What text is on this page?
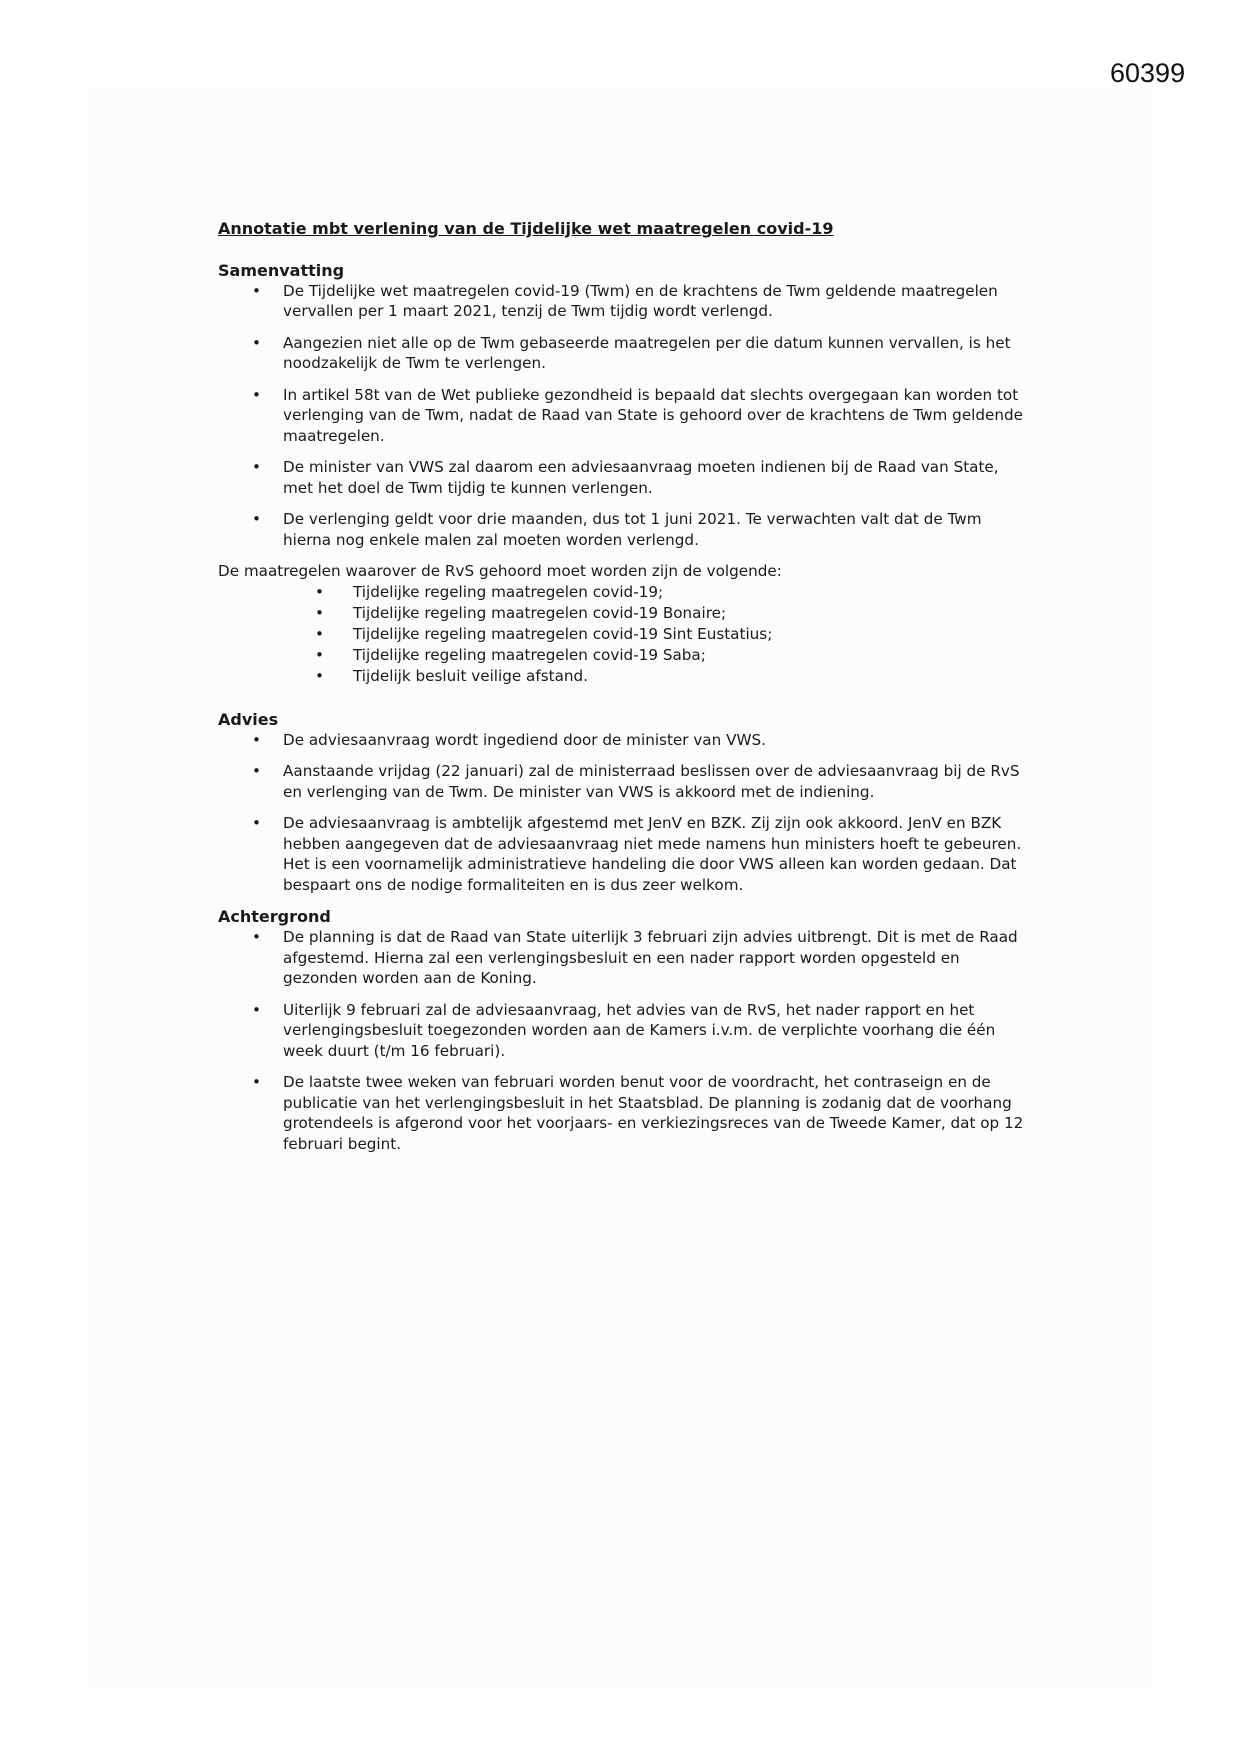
60399

Annotatie mbt verlening van de Tijdelijke wet maatregelen covid-19

Samenvatting

• De Tijdelijke wet maatregelen covid-19 (Twm) en de krachtens de Twm geldende maatregelen vervallen per 1 maart 2021, tenzij de Twm tijdig wordt verlengd.
• Aangezien niet alle op de Twm gebaseerde maatregelen per die datum kunnen vervallen, is het noodzakelijk de Twm te verlengen.
• In artikel 58t van de Wet publieke gezondheid is bepaald dat slechts overgegaan kan worden tot verlenging van de Twm, nadat de Raad van State is gehoord over de krachtens de Twm geldende maatregelen.
• De minister van VWS zal daarom een adviesaanvraag moeten indienen bij de Raad van State, met het doel de Twm tijdig te kunnen verlengen.
• De verlenging geldt voor drie maanden, dus tot 1 juni 2021. Te verwachten valt dat de Twm hierna nog enkele malen zal moeten worden verlengd.

De maatregelen waarover de RvS gehoord moet worden zijn de volgende:

• Tijdelijke regeling maatregelen covid-19;
• Tijdelijke regeling maatregelen covid-19 Bonaire;
• Tijdelijke regeling maatregelen covid-19 Sint Eustatius;
• Tijdelijke regeling maatregelen covid-19 Saba;
• Tijdelijk besluit veilige afstand.

Advies

• De adviesaanvraag wordt ingediend door de minister van VWS.
• Aanstaande vrijdag (22 januari) zal de ministerraad beslissen over de adviesaanvraag bij de RvS en verlenging van de Twm. De minister van VWS is akkoord met de indiening.
• De adviesaanvraag is ambtelijk afgestemd met JenV en BZK. Zij zijn ook akkoord. JenV en BZK hebben aangegeven dat de adviesaanvraag niet mede namens hun ministers hoeft te gebeuren. Het is een voornamelijk administratieve handeling die door VWS alleen kan worden gedaan. Dat bespaart ons de nodige formaliteiten en is dus zeer welkom.

Achtergrond

• De planning is dat de Raad van State uiterlijk 3 februari zijn advies uitbrengt. Dit is met de Raad afgestemd. Hierna zal een verlengingsbesluit en een nader rapport worden opgesteld en gezonden worden aan de Koning.
• Uiterlijk 9 februari zal de adviesaanvraag, het advies van de RvS, het nader rapport en het verlengingsbesluit toegezonden worden aan de Kamers i.v.m. de verplichte voorhang die één week duurt (t/m 16 februari).
• De laatste twee weken van februari worden benut voor de voordracht, het contraseign en de publicatie van het verlengingsbesluit in het Staatsblad. De planning is zodanig dat de voorhang grotendeels is afgerond voor het voorjaars- en verkiezingsreces van de Tweede Kamer, dat op 12 februari begint.
